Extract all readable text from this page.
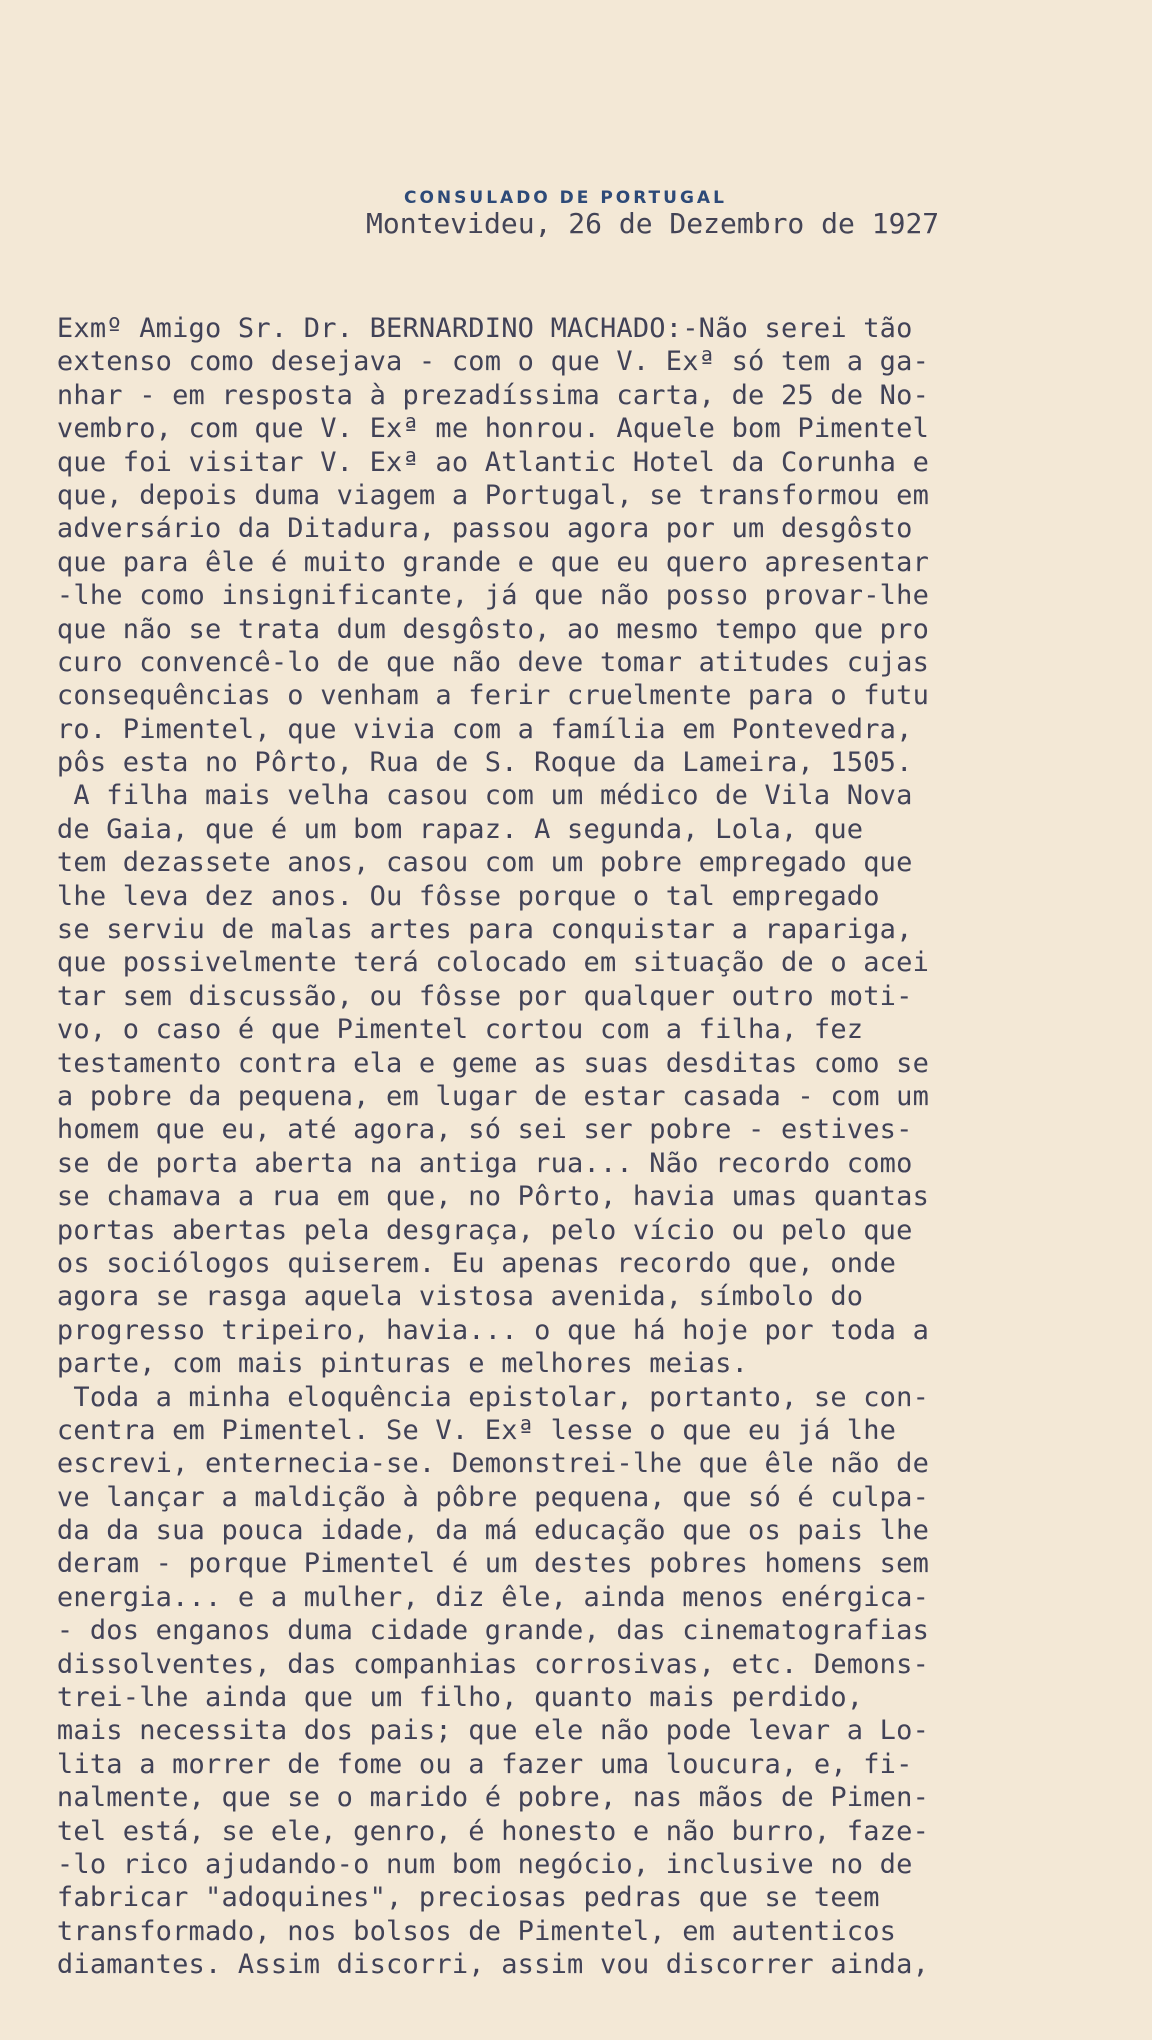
CONSULADO DE PORTUGAL
Montevideu, 26 de Dezembro de 1927
Exmº Amigo Sr. Dr. BERNARDINO MACHADO:-Não serei tão
extenso como desejava - com o que V. Exª só tem a ga-
nhar - em resposta à prezadíssima carta, de 25 de No-
vembro, com que V. Exª me honrou. Aquele bom Pimentel
que foi visitar V. Exª ao Atlantic Hotel da Corunha e
que, depois duma viagem a Portugal, se transformou em
adversário da Ditadura, passou agora por um desgôsto
que para êle é muito grande e que eu quero apresentar
-lhe como insignificante, já que não posso provar-lhe
que não se trata dum desgôsto, ao mesmo tempo que pro
curo convencê-lo de que não deve tomar atitudes cujas
consequências o venham a ferir cruelmente para o futu
ro. Pimentel, que vivia com a família em Pontevedra,
pôs esta no Pôrto, Rua de S. Roque da Lameira, 1505.
A filha mais velha casou com um médico de Vila Nova
de Gaia, que é um bom rapaz. A segunda, Lola, que
tem dezassete anos, casou com um pobre empregado que
lhe leva dez anos. Ou fôsse porque o tal empregado
se serviu de malas artes para conquistar a rapariga,
que possivelmente terá colocado em situação de o acei
tar sem discussão, ou fôsse por qualquer outro moti-
vo, o caso é que Pimentel cortou com a filha, fez
testamento contra ela e geme as suas desditas como se
a pobre da pequena, em lugar de estar casada - com um
homem que eu, até agora, só sei ser pobre - estives-
se de porta aberta na antiga rua... Não recordo como
se chamava a rua em que, no Pôrto, havia umas quantas
portas abertas pela desgraça, pelo vício ou pelo que
os sociólogos quiserem. Eu apenas recordo que, onde
agora se rasga aquela vistosa avenida, símbolo do
progresso tripeiro, havia... o que há hoje por toda a
parte, com mais pinturas e melhores meias.
Toda a minha eloquência epistolar, portanto, se con-
centra em Pimentel. Se V. Exª lesse o que eu já lhe
escrevi, enternecia-se. Demonstrei-lhe que êle não de
ve lançar a maldição à pôbre pequena, que só é culpa-
da da sua pouca idade, da má educação que os pais lhe
deram - porque Pimentel é um destes pobres homens sem
energia... e a mulher, diz êle, ainda menos enérgica-
- dos enganos duma cidade grande, das cinematografias
dissolventes, das companhias corrosivas, etc. Demons-
trei-lhe ainda que um filho, quanto mais perdido,
mais necessita dos pais; que ele não pode levar a Lo-
lita a morrer de fome ou a fazer uma loucura, e, fi-
nalmente, que se o marido é pobre, nas mãos de Pimen-
tel está, se ele, genro, é honesto e não burro, faze-
-lo rico ajudando-o num bom negócio, inclusive no de
fabricar "adoquines", preciosas pedras que se teem
transformado, nos bolsos de Pimentel, em autenticos
diamantes. Assim discorri, assim vou discorrer ainda,
